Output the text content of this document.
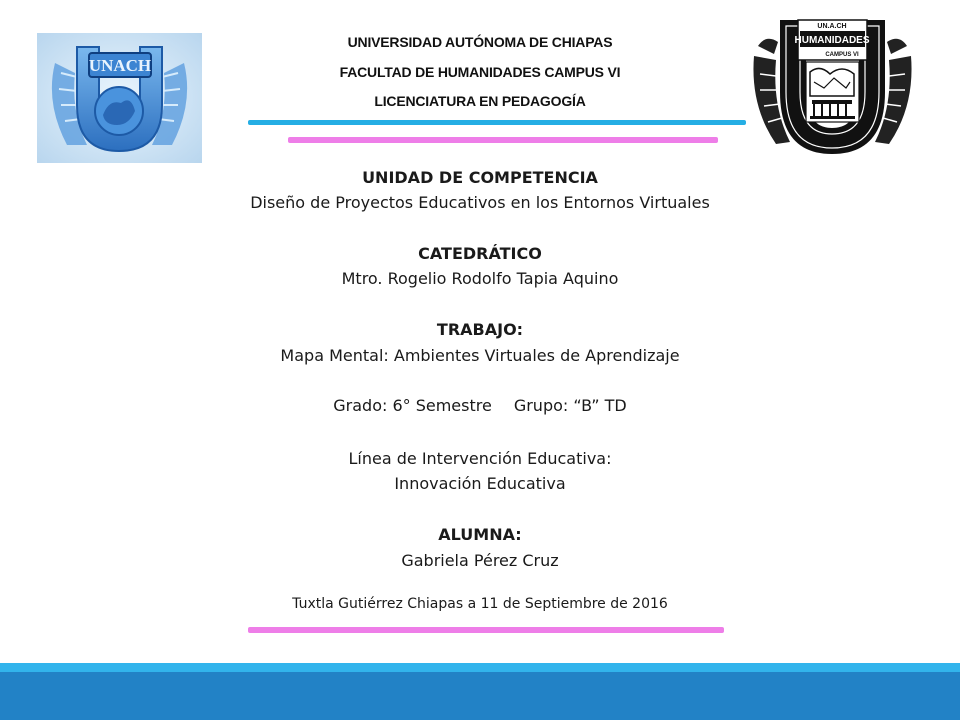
UNACH
UN.A.CH
HUMANIDADES
CAMPUS VI
UNIVERSIDAD AUTÓNOMA DE CHIAPAS
FACULTAD DE HUMANIDADES CAMPUS VI
LICENCIATURA EN PEDAGOGÍA
UNIDAD DE COMPETENCIA
Diseño de Proyectos Educativos en los Entornos Virtuales
CATEDRÁTICO
Mtro. Rogelio Rodolfo Tapia Aquino
TRABAJO:
Mapa Mental: Ambientes Virtuales de Aprendizaje
Grado: 6° Semestre Grupo: “B” TD
Línea de Intervención Educativa:
Innovación Educativa
ALUMNA:
Gabriela Pérez Cruz
Tuxtla Gutiérrez Chiapas a 11 de Septiembre de 2016
